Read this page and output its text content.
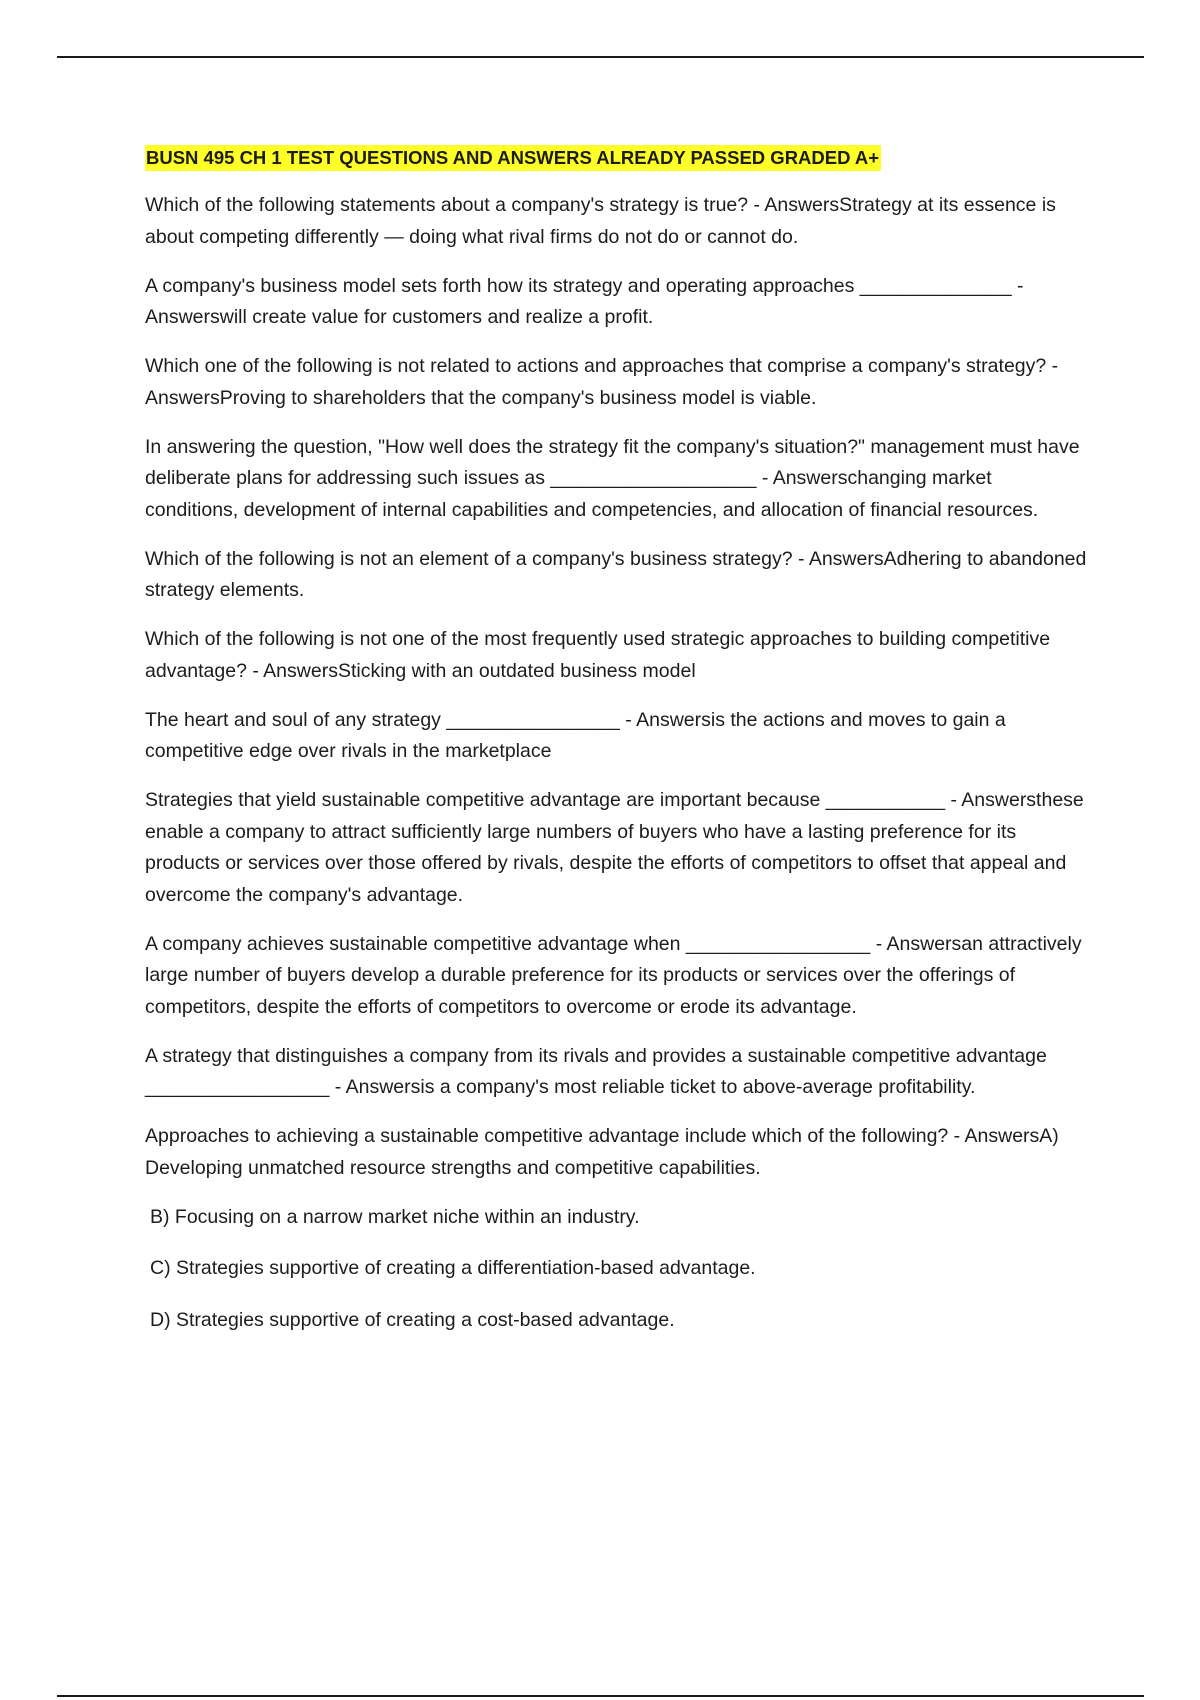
BUSN 495 CH 1 TEST QUESTIONS AND ANSWERS ALREADY PASSED GRADED A+

Which of the following statements about a company's strategy is true? - AnswersStrategy at its essence is about competing differently — doing what rival firms do not do or cannot do.

A company's business model sets forth how its strategy and operating approaches ______________ - Answerswill create value for customers and realize a profit.

Which one of the following is not related to actions and approaches that comprise a company's strategy? - AnswersProving to shareholders that the company's business model is viable.

In answering the question, "How well does the strategy fit the company's situation?" management must have deliberate plans for addressing such issues as ___________________ - Answerschanging market conditions, development of internal capabilities and competencies, and allocation of financial resources.

Which of the following is not an element of a company's business strategy? - AnswersAdhering to abandoned strategy elements.

Which of the following is not one of the most frequently used strategic approaches to building competitive advantage? - AnswersSticking with an outdated business model

The heart and soul of any strategy ________________ - Answersis the actions and moves to gain a competitive edge over rivals in the marketplace

Strategies that yield sustainable competitive advantage are important because ___________ - Answersthese enable a company to attract sufficiently large numbers of buyers who have a lasting preference for its products or services over those offered by rivals, despite the efforts of competitors to offset that appeal and overcome the company's advantage.

A company achieves sustainable competitive advantage when _________________ - Answersan attractively large number of buyers develop a durable preference for its products or services over the offerings of competitors, despite the efforts of competitors to overcome or erode its advantage.

A strategy that distinguishes a company from its rivals and provides a sustainable competitive advantage _________________ - Answersis a company's most reliable ticket to above-average profitability.

Approaches to achieving a sustainable competitive advantage include which of the following? - AnswersA) Developing unmatched resource strengths and competitive capabilities.

B) Focusing on a narrow market niche within an industry.

C) Strategies supportive of creating a differentiation-based advantage.

D) Strategies supportive of creating a cost-based advantage.
